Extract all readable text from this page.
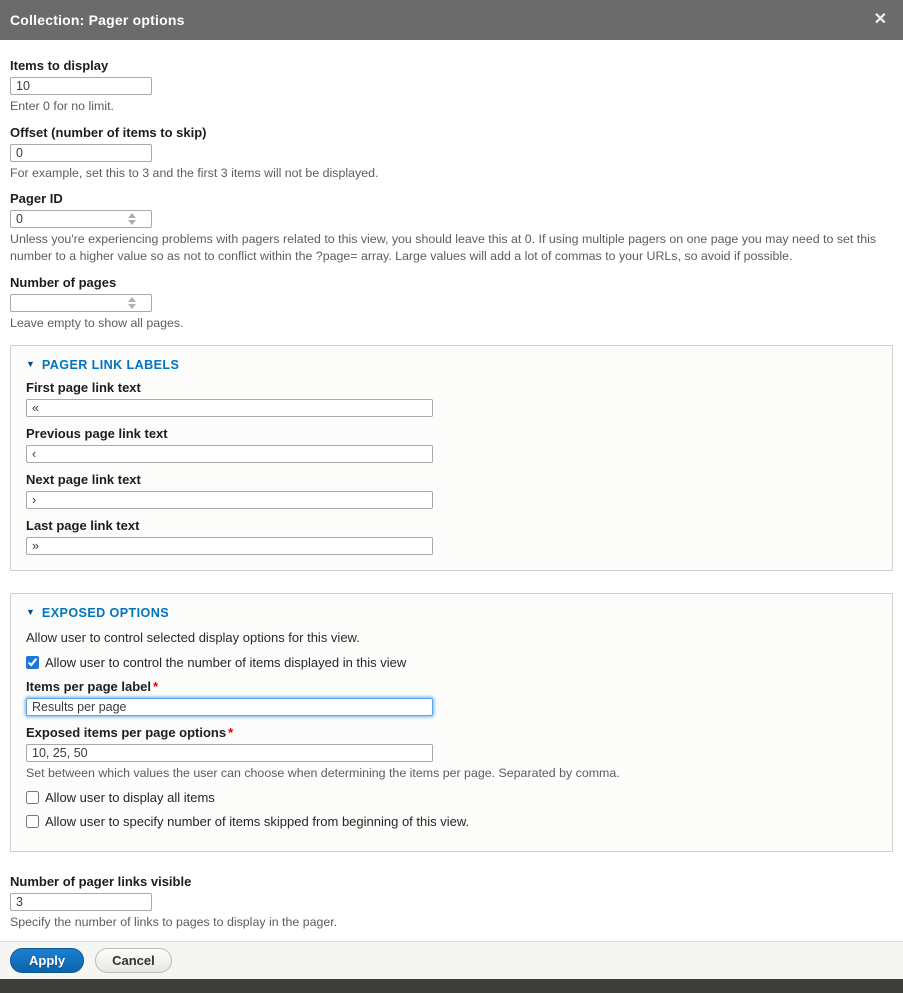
Collection: Pager options	✕
Items to display
10
Enter 0 for no limit.
Offset (number of items to skip)
0
For example, set this to 3 and the first 3 items will not be displayed.
Pager ID
0
Unless you're experiencing problems with pagers related to this view, you should leave this at 0. If using multiple pagers on one page you may need to set this number to a higher value so as not to conflict within the ?page= array. Large values will add a lot of commas to your URLs, so avoid if possible.
Number of pages
Leave empty to show all pages.
▼ PAGER LINK LABELS
First page link text
«
Previous page link text
‹
Next page link text
›
Last page link text
»
▼ EXPOSED OPTIONS
Allow user to control selected display options for this view.
Allow user to control the number of items displayed in this view
Items per page label *
Results per page
Exposed items per page options *
10, 25, 50
Set between which values the user can choose when determining the items per page. Separated by comma.
Allow user to display all items
Allow user to specify number of items skipped from beginning of this view.
Number of pager links visible
3
Specify the number of links to pages to display in the pager.
Apply	Cancel
